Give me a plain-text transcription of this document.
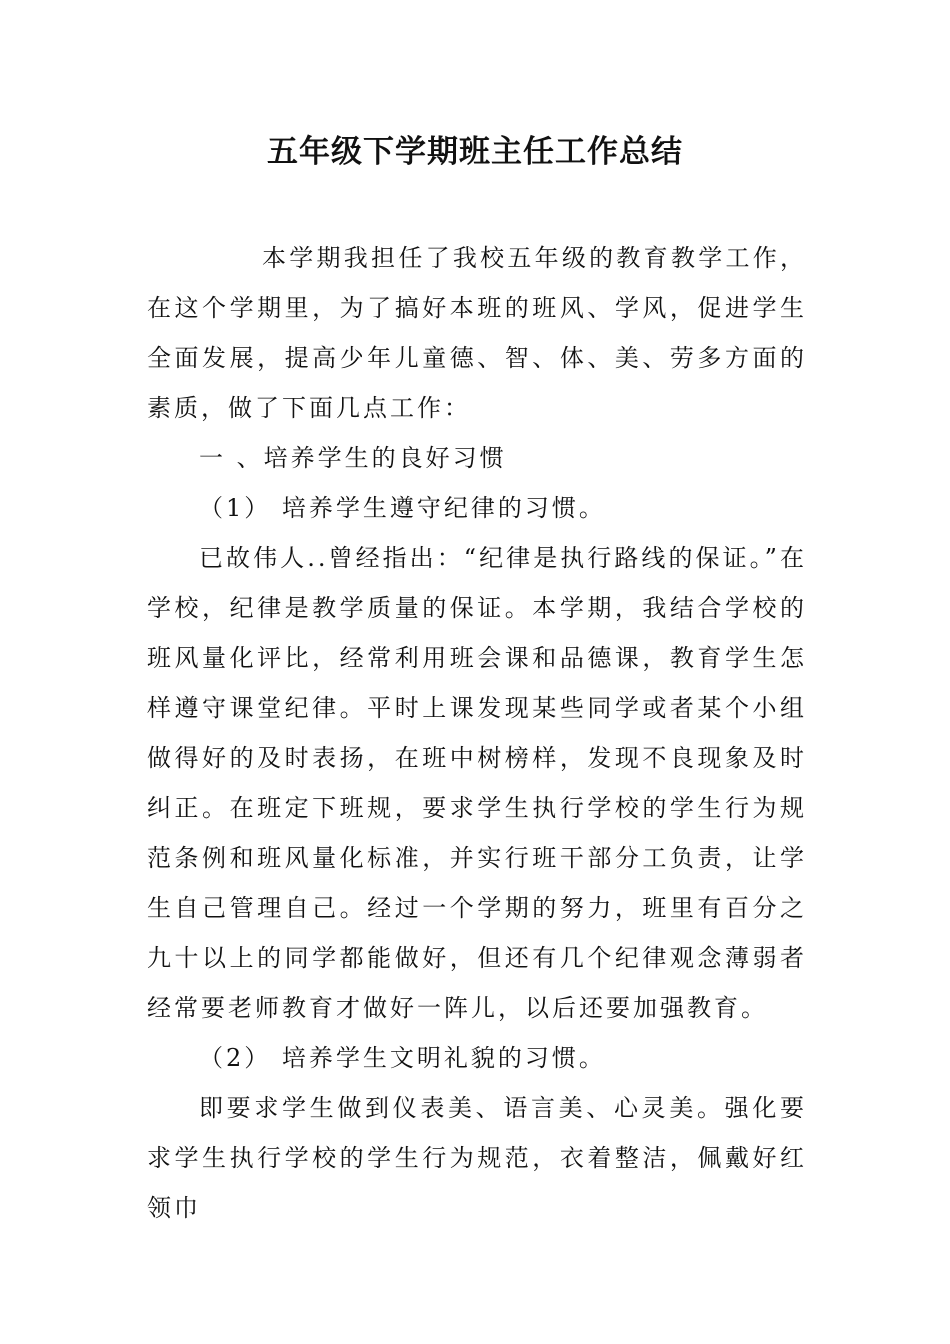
五年级下学期班主任工作总结

本学期我担任了我校五年级的教育教学工作，在这个学期里，为了搞好本班的班风、学风，促进学生全面发展，提高少年儿童德、智、体、美、劳多方面的素质，做了下面几点工作：

一 、培养学生的良好习惯

（1） 培养学生遵守纪律的习惯。

已故伟人..曾经指出：“纪律是执行路线的保证。”在学校，纪律是教学质量的保证。本学期，我结合学校的班风量化评比，经常利用班会课和品德课，教育学生怎样遵守课堂纪律。平时上课发现某些同学或者某个小组做得好的及时表扬，在班中树榜样，发现不良现象及时纠正。在班定下班规，要求学生执行学校的学生行为规范条例和班风量化标准，并实行班干部分工负责，让学生自己管理自己。经过一个学期的努力，班里有百分之九十以上的同学都能做好，但还有几个纪律观念薄弱者经常要老师教育才做好一阵儿，以后还要加强教育。

（2） 培养学生文明礼貌的习惯。

即要求学生做到仪表美、语言美、心灵美。强化要求学生执行学校的学生行为规范，衣着整洁，佩戴好红领巾
